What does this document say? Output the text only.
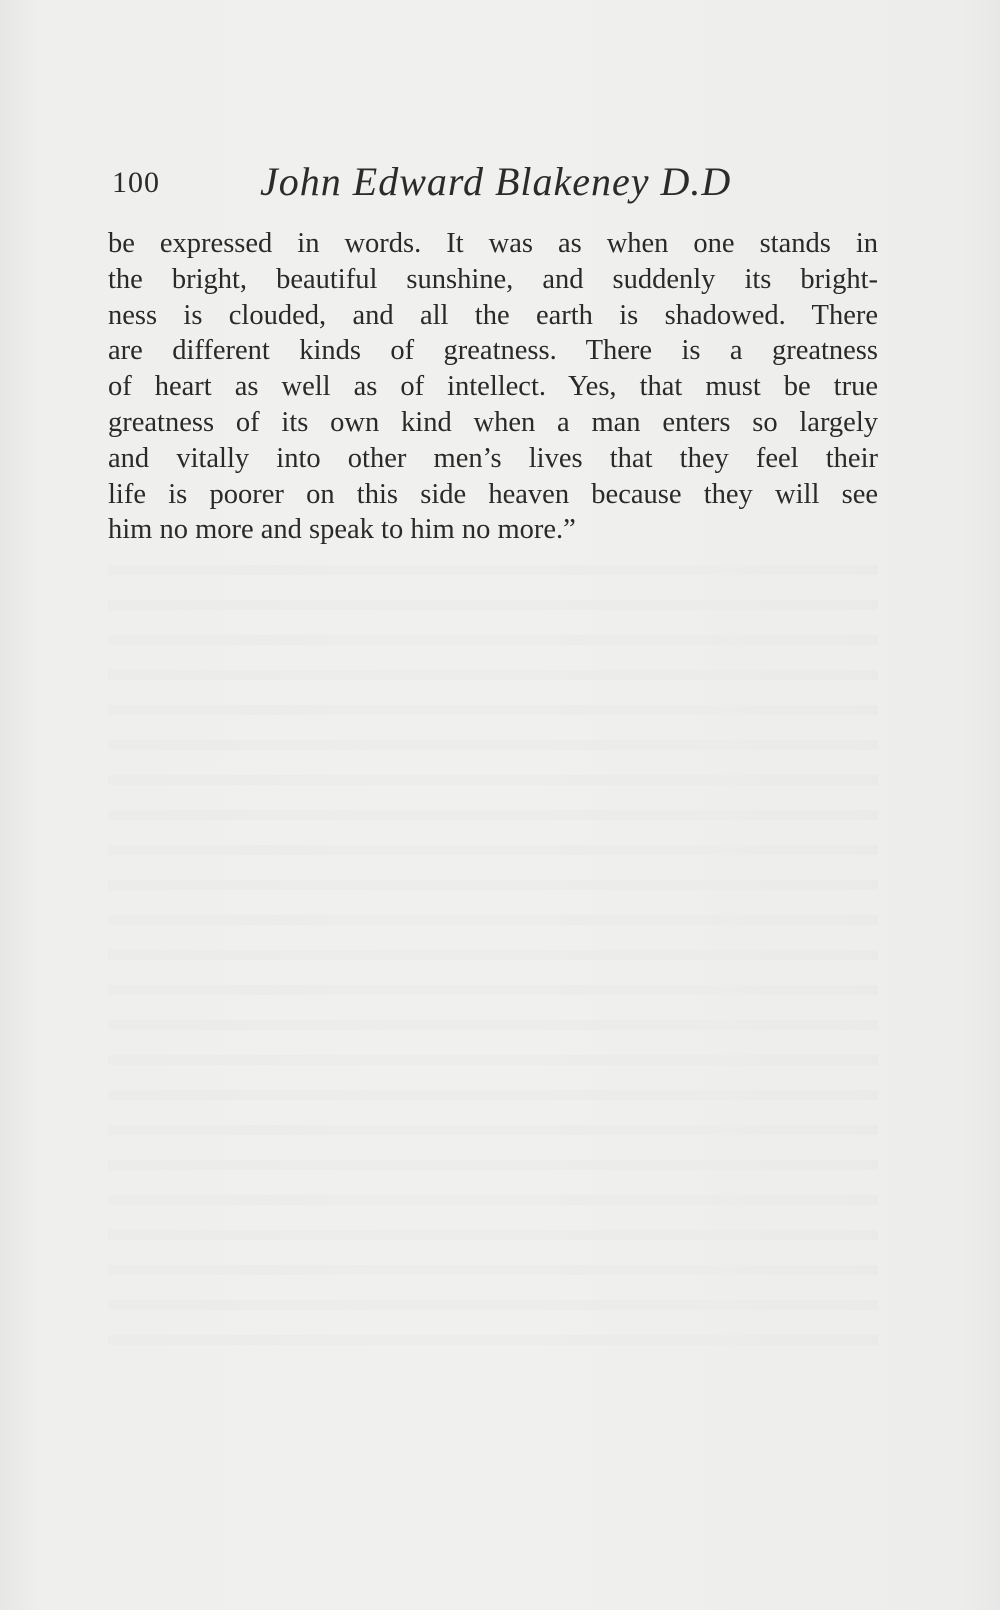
100	John Edward Blakeney D.D
be expressed in words. It was as when one stands in
the bright, beautiful sunshine, and suddenly its bright-
ness is clouded, and all the earth is shadowed. There
are different kinds of greatness. There is a greatness
of heart as well as of intellect. Yes, that must be true
greatness of its own kind when a man enters so largely
and vitally into other men’s lives that they feel their
life is poorer on this side heaven because they will see
him no more and speak to him no more.”
